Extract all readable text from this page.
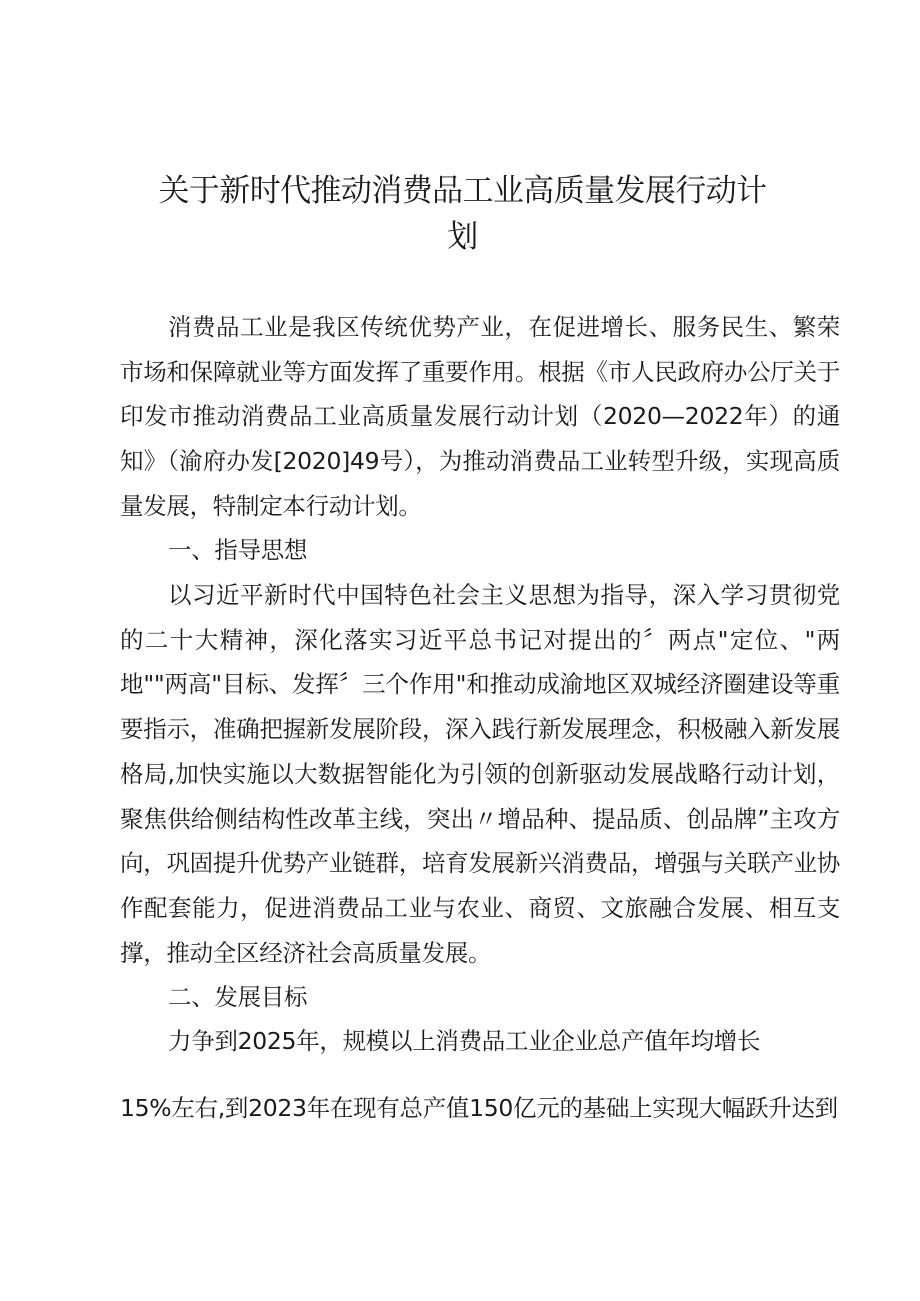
关于新时代推动消费品工业高质量发展行动计划

消费品工业是我区传统优势产业，在促进增长、服务民生、繁荣市场和保障就业等方面发挥了重要作用。根据《市人民政府办公厅关于印发市推动消费品工业高质量发展行动计划（2020—2022年）的通知》（渝府办发[2020]49号），为推动消费品工业转型升级，实现高质量发展，特制定本行动计划。

一、指导思想

以习近平新时代中国特色社会主义思想为指导，深入学习贯彻党的二十大精神，深化落实习近平总书记对提出的〞两点"定位、"两地""两高"目标、发挥〞三个作用"和推动成渝地区双城经济圈建设等重要指示，准确把握新发展阶段，深入践行新发展理念，积极融入新发展格局,加快实施以大数据智能化为引领的创新驱动发展战略行动计划，聚焦供给侧结构性改革主线，突出〃增品种、提品质、创品牌”主攻方向，巩固提升优势产业链群，培育发展新兴消费品，增强与关联产业协作配套能力，促进消费品工业与农业、商贸、文旅融合发展、相互支撑，推动全区经济社会高质量发展。

二、发展目标

力争到2025年，规模以上消费品工业企业总产值年均增长

15%左右,到2023年在现有总产值150亿元的基础上实现大幅跃升达到
